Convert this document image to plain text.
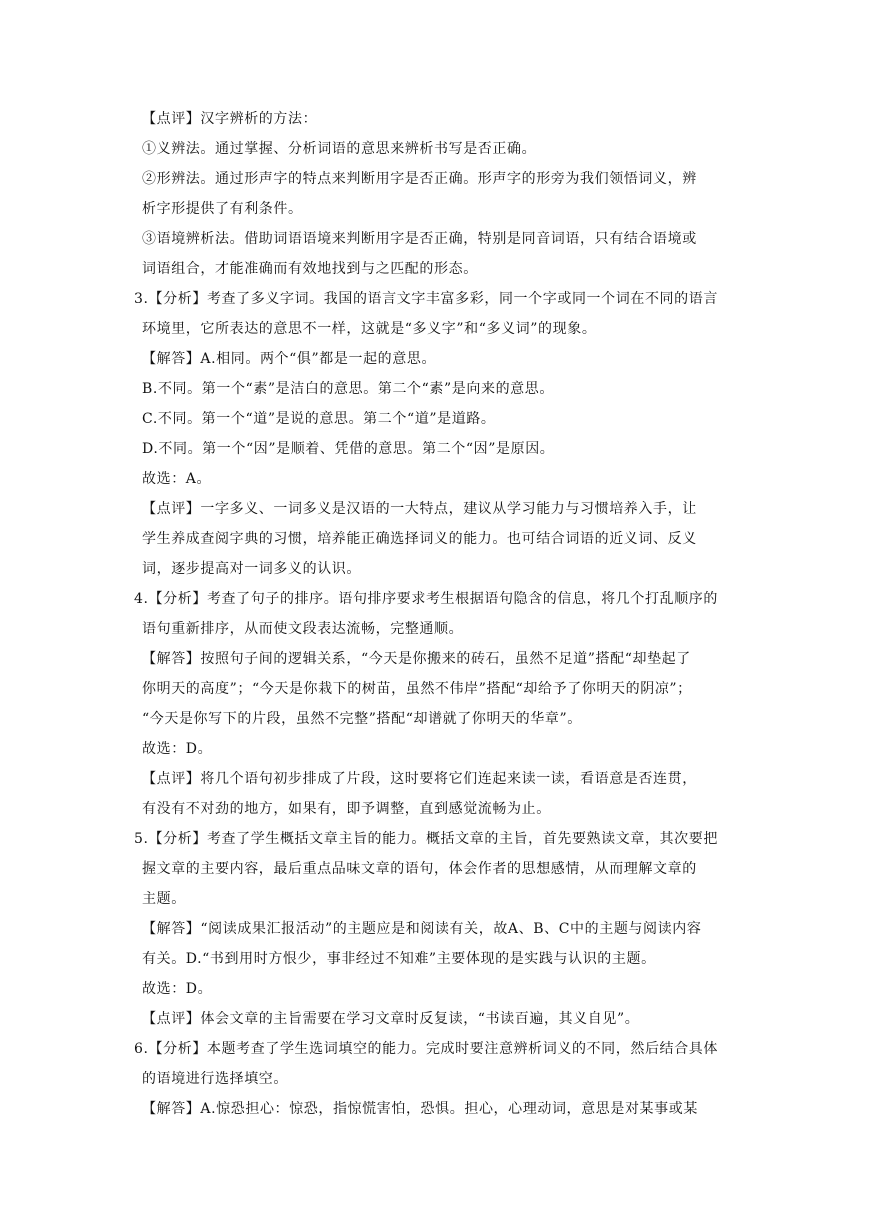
【点评】汉字辨析的方法：
①义辨法。通过掌握、分析词语的意思来辨析书写是否正确。
②形辨法。通过形声字的特点来判断用字是否正确。形声字的形旁为我们领悟词义，辨
析字形提供了有利条件。
③语境辨析法。借助词语语境来判断用字是否正确，特别是同音词语，只有结合语境或
词语组合，才能准确而有效地找到与之匹配的形态。
3.【分析】考查了多义字词。我国的语言文字丰富多彩，同一个字或同一个词在不同的语言
环境里，它所表达的意思不一样，这就是“多义字”和“多义词”的现象。
【解答】A.相同。两个“俱”都是一起的意思。
B.不同。第一个“素”是洁白的意思。第二个“素”是向来的意思。
C.不同。第一个“道”是说的意思。第二个“道”是道路。
D.不同。第一个“因”是顺着、凭借的意思。第二个“因”是原因。
故选：A。
【点评】一字多义、一词多义是汉语的一大特点，建议从学习能力与习惯培养入手，让
学生养成查阅字典的习惯，培养能正确选择词义的能力。也可结合词语的近义词、反义
词，逐步提高对一词多义的认识。
4.【分析】考查了句子的排序。语句排序要求考生根据语句隐含的信息，将几个打乱顺序的
语句重新排序，从而使文段表达流畅，完整通顺。
【解答】按照句子间的逻辑关系，“今天是你搬来的砖石，虽然不足道”搭配“却垫起了
你明天的高度”；“今天是你栽下的树苗，虽然不伟岸”搭配“却给予了你明天的阴凉”；
“今天是你写下的片段，虽然不完整”搭配“却谱就了你明天的华章”。
故选：D。
【点评】将几个语句初步排成了片段，这时要将它们连起来读一读，看语意是否连贯，
有没有不对劲的地方，如果有，即予调整，直到感觉流畅为止。
5.【分析】考查了学生概括文章主旨的能力。概括文章的主旨，首先要熟读文章，其次要把
握文章的主要内容，最后重点品味文章的语句，体会作者的思想感情，从而理解文章的
主题。
【解答】“阅读成果汇报活动”的主题应是和阅读有关，故A、B、C中的主题与阅读内容
有关。D.“书到用时方恨少，事非经过不知难”主要体现的是实践与认识的主题。
故选：D。
【点评】体会文章的主旨需要在学习文章时反复读，“书读百遍，其义自见”。
6.【分析】本题考查了学生选词填空的能力。完成时要注意辨析词义的不同，然后结合具体
的语境进行选择填空。
【解答】A.惊恐担心：惊恐，指惊慌害怕，恐惧。担心，心理动词，意思是对某事或某
